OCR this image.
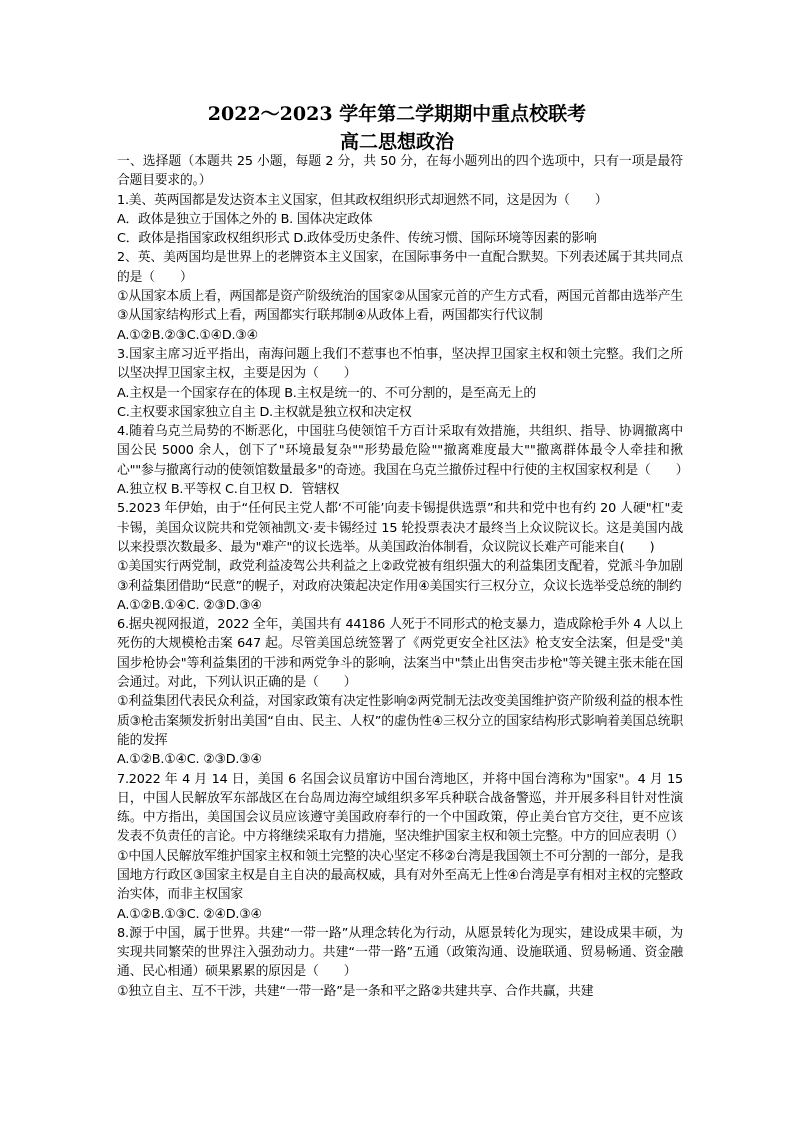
2022～2023 学年第二学期期中重点校联考
高二思想政治

一、选择题（本题共 25 小题，每题 2 分，共 50 分，在每小题列出的四个选项中，只有一项是最符合题目要求的。）

1.美、英两国都是发达资本主义国家，但其政权组织形式却迥然不同，这是因为（　　）

A．政体是独立于国体之外的 B. 国体决定政体

C．政体是指国家政权组织形式 D.政体受历史条件、传统习惯、国际环境等因素的影响

2、英、美两国均是世界上的老牌资本主义国家，在国际事务中一直配合默契。下列表述属于其共同点的是（　　）

①从国家本质上看，两国都是资产阶级统治的国家②从国家元首的产生方式看，两国元首都由选举产生③从国家结构形式上看，两国都实行联邦制④从政体上看，两国都实行代议制

A.①②B.②③C.①④D.③④

3.国家主席习近平指出，南海问题上我们不惹事也不怕事，坚决捍卫国家主权和领土完整。我们之所以坚决捍卫国家主权，主要是因为（　　）

A.主权是一个国家存在的体现 B.主权是统一的、不可分割的，是至高无上的

C.主权要求国家独立自主 D.主权就是独立权和决定权

4.随着乌克兰局势的不断恶化，中国驻乌使领馆千方百计采取有效措施，共组织、指导、协调撤离中国公民 5000 余人，创下了"环境最复杂""形势最危险""撤离难度最大""撤离群体最令人牵挂和揪心""参与撤离行动的使领馆数量最多"的奇迹。我国在乌克兰撤侨过程中行使的主权国家权利是（　　）

A.独立权 B.平等权 C.自卫权 D．管辖权

5.2023 年伊始，由于“任何民主党人都‘不可能’向麦卡锡提供选票”和共和党中也有约 20 人硬"杠"麦卡锡，美国众议院共和党领袖凯文·麦卡锡经过 15 轮投票表决才最终当上众议院议长。这是美国内战以来投票次数最多、最为"难产"的议长选举。从美国政治体制看，众议院议长难产可能来自(　　)

①美国实行两党制，政党利益凌驾公共利益之上②政党被有组织强大的利益集团支配着，党派斗争加剧③利益集团借助“民意”的幌子，对政府决策起决定作用④美国实行三权分立，众议长选举受总统的制约

A.①②B.①④C. ②③D.③④

6.据央视网报道，2022 全年，美国共有 44186 人死于不同形式的枪支暴力，造成除枪手外 4 人以上死伤的大规模枪击案 647 起。尽管美国总统签署了《两党更安全社区法》枪支安全法案，但是受"美国步枪协会"等利益集团的干涉和两党争斗的影响，法案当中"禁止出售突击步枪"等关键主张未能在国会通过。对此，下列认识正确的是（　　）

①利益集团代表民众利益，对国家政策有决定性影响②两党制无法改变美国维护资产阶级利益的根本性质③枪击案频发折射出美国“自由、民主、人权”的虚伪性④三权分立的国家结构形式影响着美国总统职能的发挥

A.①②B.①④C. ②③D.③④

7.2022 年 4 月 14 日，美国 6 名国会议员窜访中国台湾地区，并将中国台湾称为"国家"。4 月 15 日，中国人民解放军东部战区在台岛周边海空域组织多军兵种联合战备警巡，并开展多科目针对性演练。中方指出，美国国会议员应该遵守美国政府奉行的一个中国政策，停止美台官方交往，更不应该发表不负责任的言论。中方将继续采取有力措施，坚决维护国家主权和领土完整。中方的回应表明（）

①中国人民解放军维护国家主权和领土完整的决心坚定不移②台湾是我国领土不可分割的一部分，是我国地方行政区③国家主权是自主自决的最高权威，具有对外至高无上性④台湾是享有相对主权的完整政治实体，而非主权国家

A.①②B.①③C. ②④D.③④

8.源于中国，属于世界。共建“一带一路”从理念转化为行动，从愿景转化为现实，建设成果丰硕，为实现共同繁荣的世界注入强劲动力。共建“一带一路”五通（政策沟通、设施联通、贸易畅通、资金融通、民心相通）硕果累累的原因是（　　）

①独立自主、互不干涉，共建“一带一路”是一条和平之路②共建共享、合作共赢，共建
